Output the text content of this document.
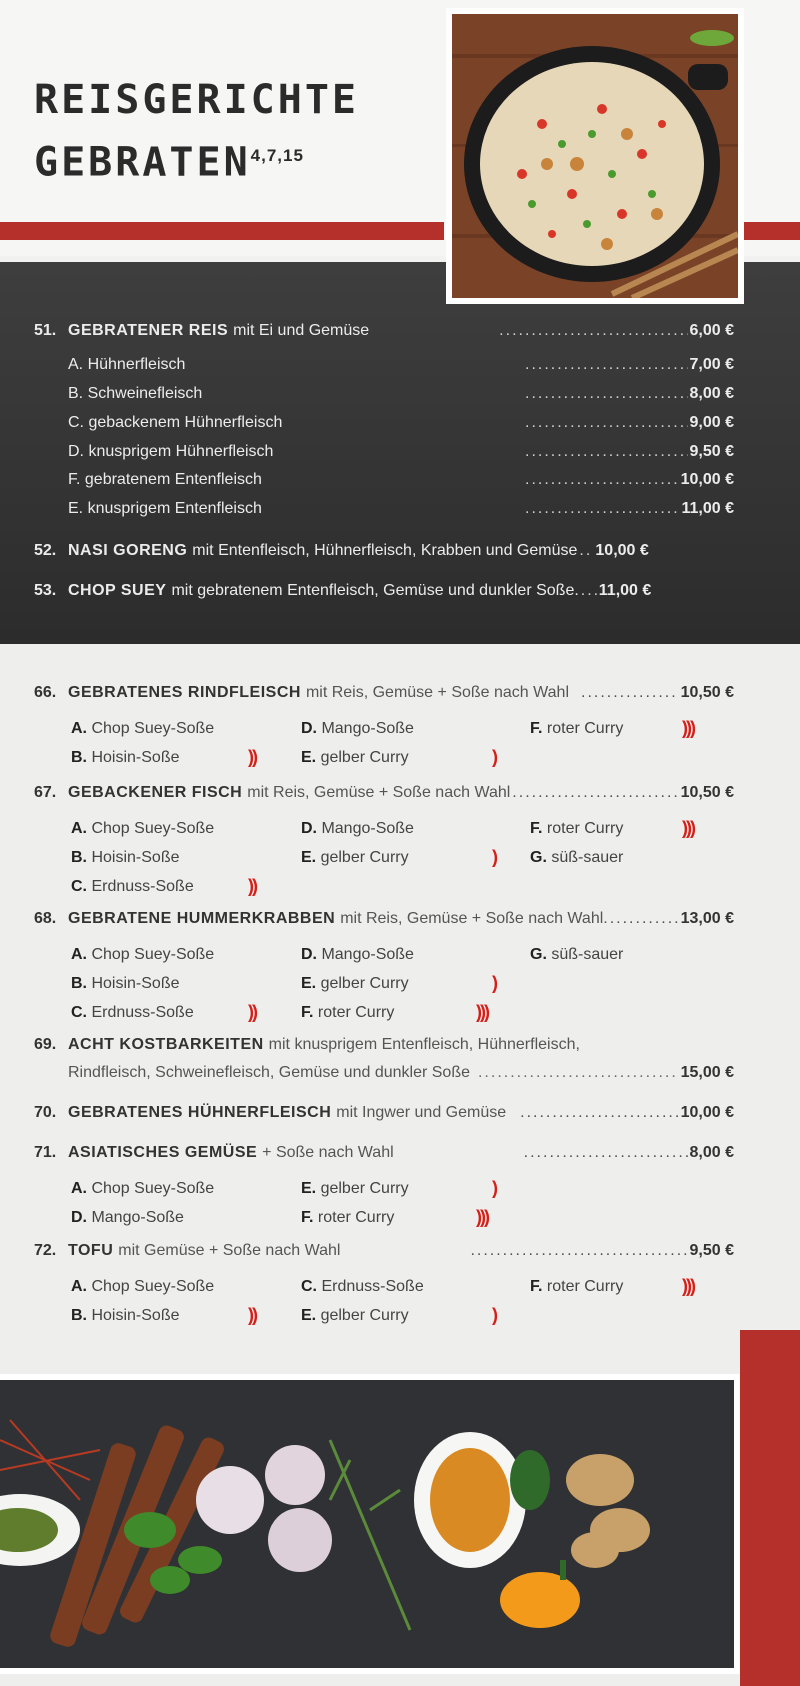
REISGERICHTE
GEBRATEN$^{4,7,15}$
51. GEBRATENER REIS mit Ei und Gemüse .....	6,00 €
A. Hühnerfleisch .....	7,00 €
B. Schweinefleisch .....	8,00 €
C. gebackenem Hühnerfleisch .....	9,00 €
D. knusprigem Hühnerfleisch .....	9,50 €
F. gebratenem Entenfleisch .....	10,00 €
E. knusprigem Entenfleisch .....	11,00 €
52. NASI GORENG mit Entenfleisch, Hühnerfleisch, Krabben und Gemüse ..... 10,00 €
53. CHOP SUEY mit gebratenem Entenfleisch, Gemüse und dunkler Soße. ..... 11,00 €
66. GEBRATENES RINDFLEISCH mit Reis, Gemüse + Soße nach Wahl .....	10,50 €
A. Chop Suey-Soße	D. Mango-Soße	F. roter Curry	)))
B. Hoisin-Soße	))	E. gelber Curry	)
67. GEBACKENER FISCH mit Reis, Gemüse + Soße nach Wahl .....	10,50 €
A. Chop Suey-Soße	D. Mango-Soße	F. roter Curry	)))
B. Hoisin-Soße	E. gelber Curry	) G. süß-sauer
C. Erdnuss-Soße	))
68. GEBRATENE HUMMERKRABBEN mit Reis, Gemüse + Soße nach Wahl. .....	13,00 €
A. Chop Suey-Soße	D. Mango-Soße	G. süß-sauer
B. Hoisin-Soße	E. gelber Curry	)
C. Erdnuss-Soße	))	F. roter Curry	)))
69. ACHT KOSTBARKEITEN mit knusprigem Entenfleisch, Hühnerfleisch,
Rindfleisch, Schweinefleisch, Gemüse und dunkler Soße .....	15,00 €
70. GEBRATENES HÜHNERFLEISCH mit Ingwer und Gemüse .....	10,00 €
71. ASIATISCHES GEMÜSE + Soße nach Wahl .....	8,00 €
A. Chop Suey-Soße	E. gelber Curry	)
D. Mango-Soße	F. roter Curry	)))
72. TOFU mit Gemüse + Soße nach Wahl .....	9,50 €
A. Chop Suey-Soße	C. Erdnuss-Soße	F. roter Curry	)))
B. Hoisin-Soße	))	E. gelber Curry	)
